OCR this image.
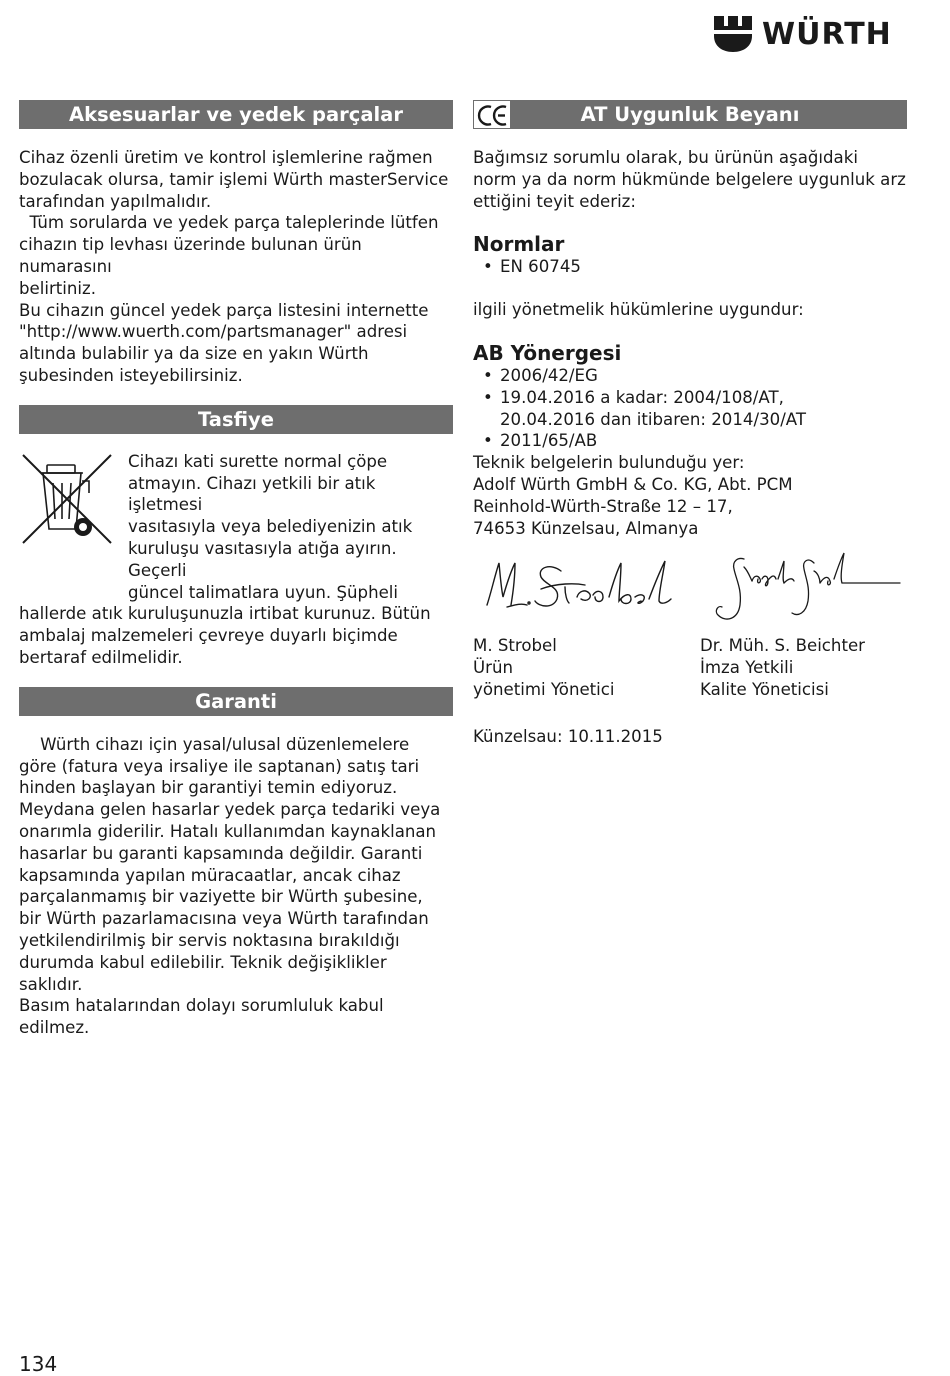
WÜRTH
Aksesuarlar ve yedek parçalar

Cihaz özenli üretim ve kontrol işlemlerine rağmen

bozulacak olursa, tamir işlemi Würth masterService

tarafından yapılmalıdır.

Tüm sorularda ve yedek parça taleplerinde lütfen

cihazın tip levhası üzerinde bulunan ürün numarasını

belirtiniz.

Bu cihazın güncel yedek parça listesini internette

"http://www.wuerth.com/partsmanager" adresi

altında bulabilir ya da size en yakın Würth

şubesinden isteyebilirsiniz.

Tasfiye

Cihazı kati surette normal çöpe

atmayın. Cihazı yetkili bir atık işletmesi

vasıtasıyla veya belediyenizin atık

kuruluşu vasıtasıyla atığa ayırın. Geçerli

güncel talimatlara uyun. Şüpheli

hallerde atık kuruluşunuzla irtibat kurunuz. Bütün

ambalaj malzemeleri çevreye duyarlı biçimde

bertaraf edilmelidir.

Garanti

Würth cihazı için yasal/ulusal düzenlemelere

göre (fatura veya irsaliye ile saptanan) satış tari

hinden başlayan bir garantiyi temin ediyoruz.

Meydana gelen hasarlar yedek parça tedariki veya

onarımla giderilir. Hatalı kullanımdan kaynaklanan

hasarlar bu garanti kapsamında değildir. Garanti

kapsamında yapılan müracaatlar, ancak cihaz

parçalanmamış bir vaziyette bir Würth şubesine,

bir Würth pazarlamacısına veya Würth tarafından

yetkilendirilmiş bir servis noktasına bırakıldığı

durumda kabul edilebilir. Teknik değişiklikler saklıdır.

Basım hatalarından dolayı sorumluluk kabul edilmez.

AT Uygunluk Beyanı

Bağımsız sorumlu olarak, bu ürünün aşağıdaki

norm ya da norm hükmünde belgelere uygunluk arz

ettiğini teyit ederiz:

Normlar

• EN 60745

ilgili yönetmelik hükümlerine uygundur:

AB Yönergesi

• 2006/42/EG
• 19.04.2016 a kadar: 2004/108/AT,
20.04.2016 dan itibaren: 2014/30/AT
• 2011/65/AB

Teknik belgelerin bulunduğu yer:

Adolf Würth GmbH & Co. KG, Abt. PCM

Reinhold-Würth-Straße 12 – 17,

74653 Künzelsau, Almanya

M. Strobel

Ürün

yönetimi Yönetici

Dr. Müh. S. Beichter

İmza Yetkili

Kalite Yöneticisi

Künzelsau: 10.11.2015

134
